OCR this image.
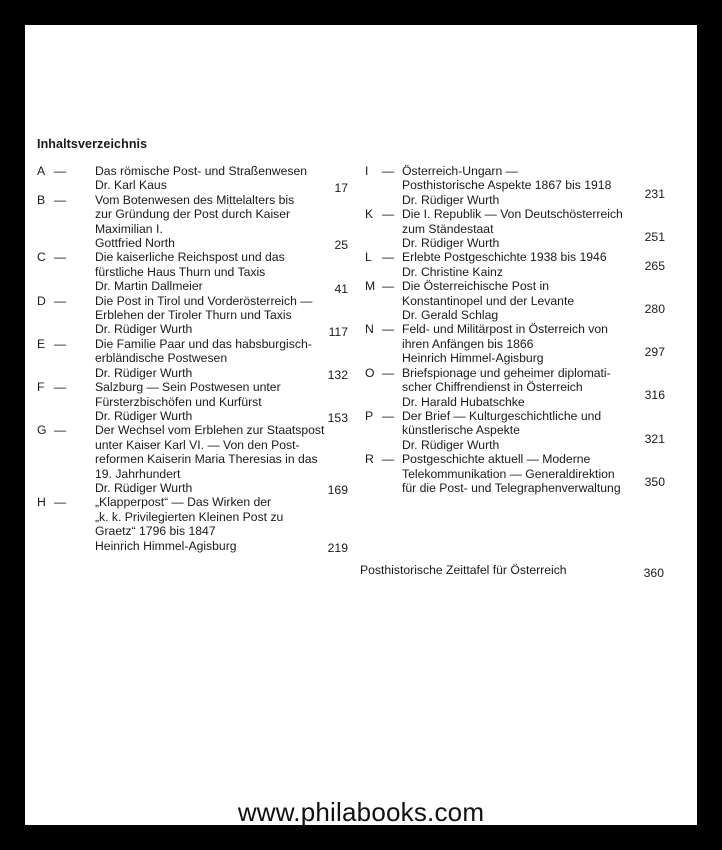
Inhaltsverzeichnis
A —	Das römische Post- und Straßenwesen
Dr. Karl Kaus	17
B —	Vom Botenwesen des Mittelalters bis
zur Gründung der Post durch Kaiser
Maximilian I.
Gottfried North	25
C —	Die kaiserliche Reichspost und das
fürstliche Haus Thurn und Taxis
Dr. Martin Dallmeier	41
D —	Die Post in Tirol und Vorderösterreich —
Erblehen der Tiroler Thurn und Taxis
Dr. Rüdiger Wurth	117
E —	Die Familie Paar und das habsburgisch-
erbländische Postwesen
Dr. Rüdiger Wurth	132
F —	Salzburg — Sein Postwesen unter
Fürsterzbischöfen und Kurfürst
Dr. Rüdiger Wurth	153
G —	Der Wechsel vom Erblehen zur Staatspost
unter Kaiser Karl VI. — Von den Post-
reformen Kaiserin Maria Theresias in das
19. Jahrhundert
Dr. Rüdiger Wurth	169
H —	„Klapperpost“ — Das Wirken der
„k. k. Privilegierten Kleinen Post zu
Graetz“ 1796 bis 1847
Heinrich Himmel-Agisburg	219
I — Österreich-Ungarn —
Posthistorische Aspekte 1867 bis 1918
Dr. Rüdiger Wurth	231
K — Die I. Republik — Von Deutschösterreich
zum Ständestaat
Dr. Rüdiger Wurth	251
L — Erlebte Postgeschichte 1938 bis 1946
Dr. Christine Kainz	265
M — Die Österreichische Post in
Konstantinopel und der Levante
Dr. Gerald Schlag	280
N — Feld- und Militärpost in Österreich von
ihren Anfängen bis 1866
Heinrich Himmel-Agisburg	297
O — Briefspionage und geheimer diplomati-
scher Chiffrendienst in Österreich
Dr. Harald Hubatschke	316
P — Der Brief — Kulturgeschichtliche und
künstlerische Aspekte
Dr. Rüdiger Wurth	321
R — Postgeschichte aktuell — Moderne
Telekommunikation — Generaldirektion
für die Post- und Telegraphenverwaltung	350
Posthistorische Zeittafel für Österreich	360
www.philabooks.com
